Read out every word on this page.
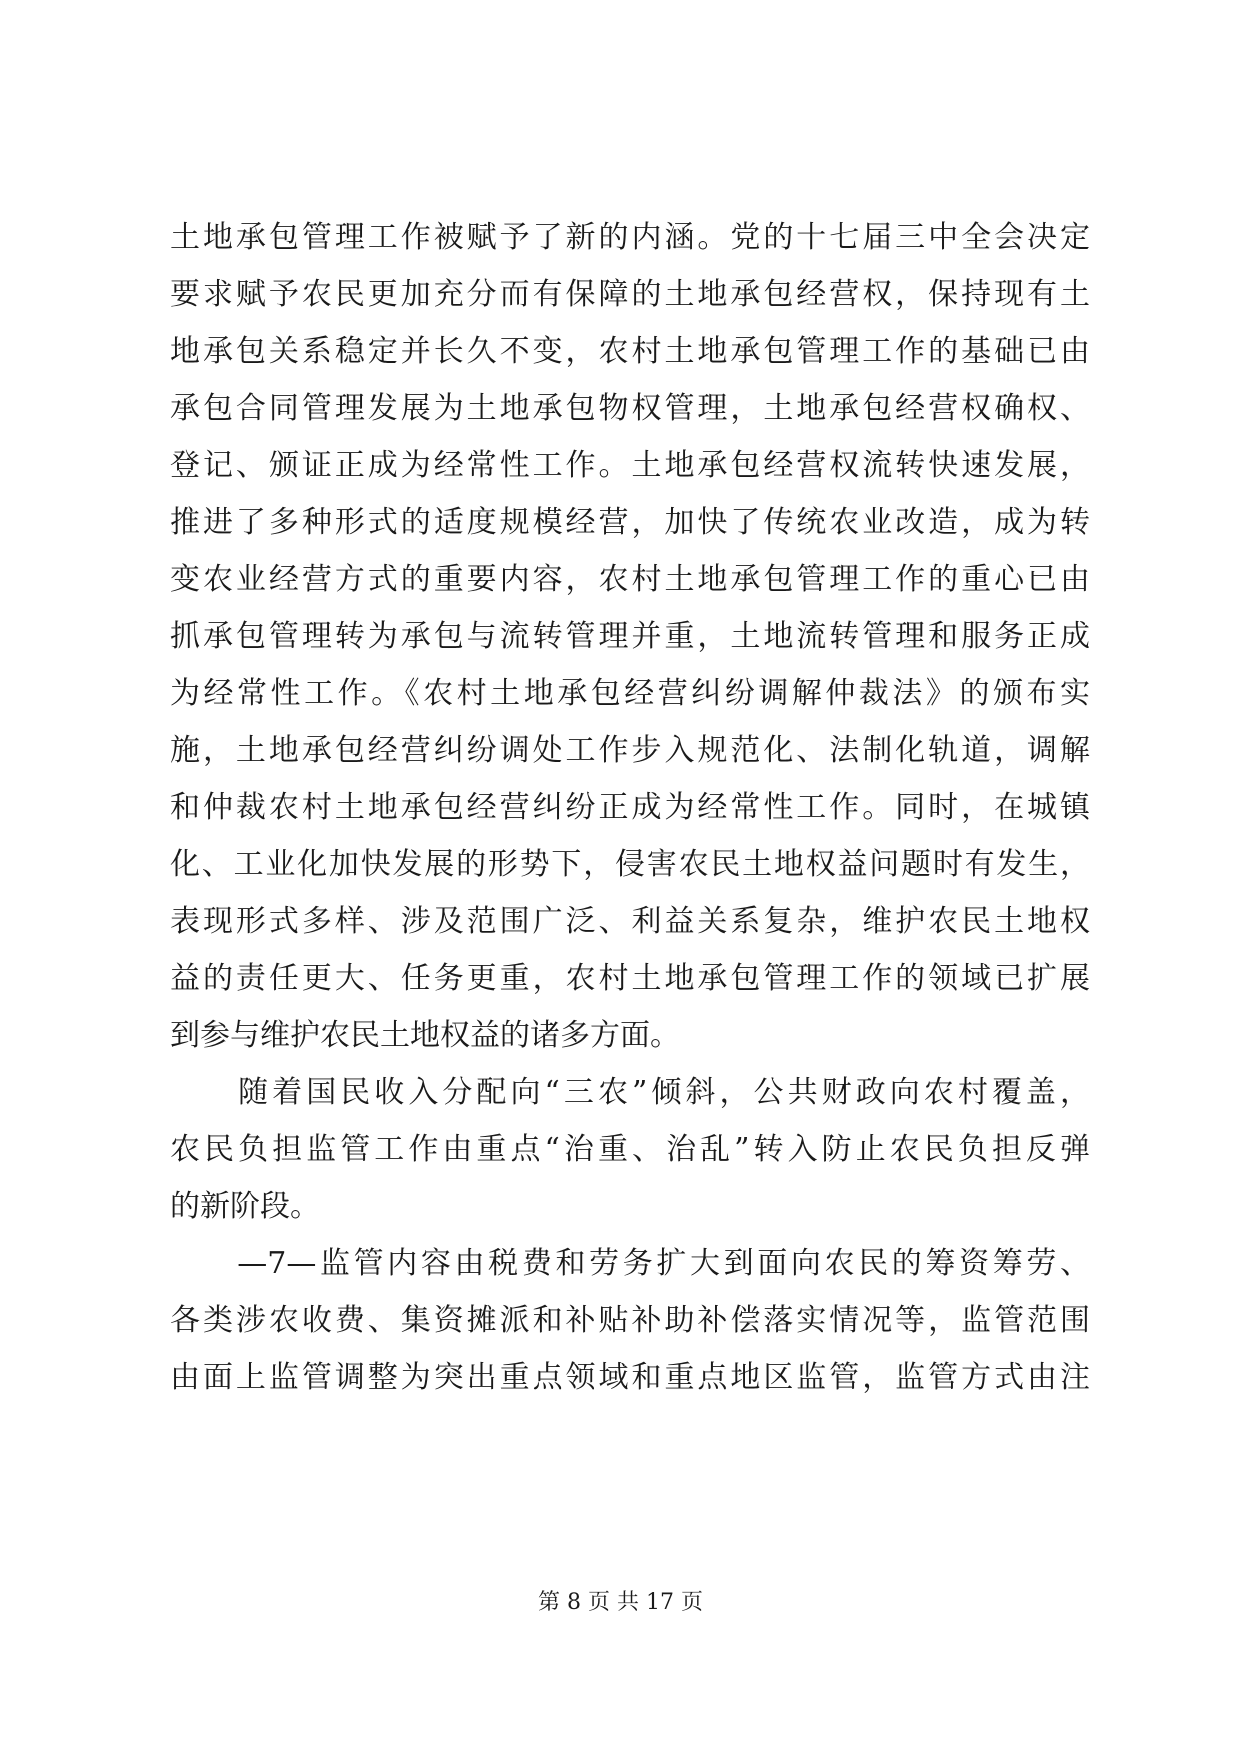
土地承包管理工作被赋予了新的内涵。党的十七届三中全会决定
要求赋予农民更加充分而有保障的土地承包经营权，保持现有土
地承包关系稳定并长久不变，农村土地承包管理工作的基础已由
承包合同管理发展为土地承包物权管理，土地承包经营权确权、
登记、颁证正成为经常性工作。土地承包经营权流转快速发展，
推进了多种形式的适度规模经营，加快了传统农业改造，成为转
变农业经营方式的重要内容，农村土地承包管理工作的重心已由
抓承包管理转为承包与流转管理并重，土地流转管理和服务正成
为经常性工作。《农村土地承包经营纠纷调解仲裁法》的颁布实
施，土地承包经营纠纷调处工作步入规范化、法制化轨道，调解
和仲裁农村土地承包经营纠纷正成为经常性工作。同时，在城镇
化、工业化加快发展的形势下，侵害农民土地权益问题时有发生，
表现形式多样、涉及范围广泛、利益关系复杂，维护农民土地权
益的责任更大、任务更重，农村土地承包管理工作的领域已扩展
到参与维护农民土地权益的诸多方面。
　　随着国民收入分配向“三农”倾斜，公共财政向农村覆盖，
农民负担监管工作由重点“治重、治乱”转入防止农民负担反弹
的新阶段。
　　—7—监管内容由税费和劳务扩大到面向农民的筹资筹劳、
各类涉农收费、集资摊派和补贴补助补偿落实情况等，监管范围
由面上监管调整为突出重点领域和重点地区监管，监管方式由注
第 8 页 共 17 页
